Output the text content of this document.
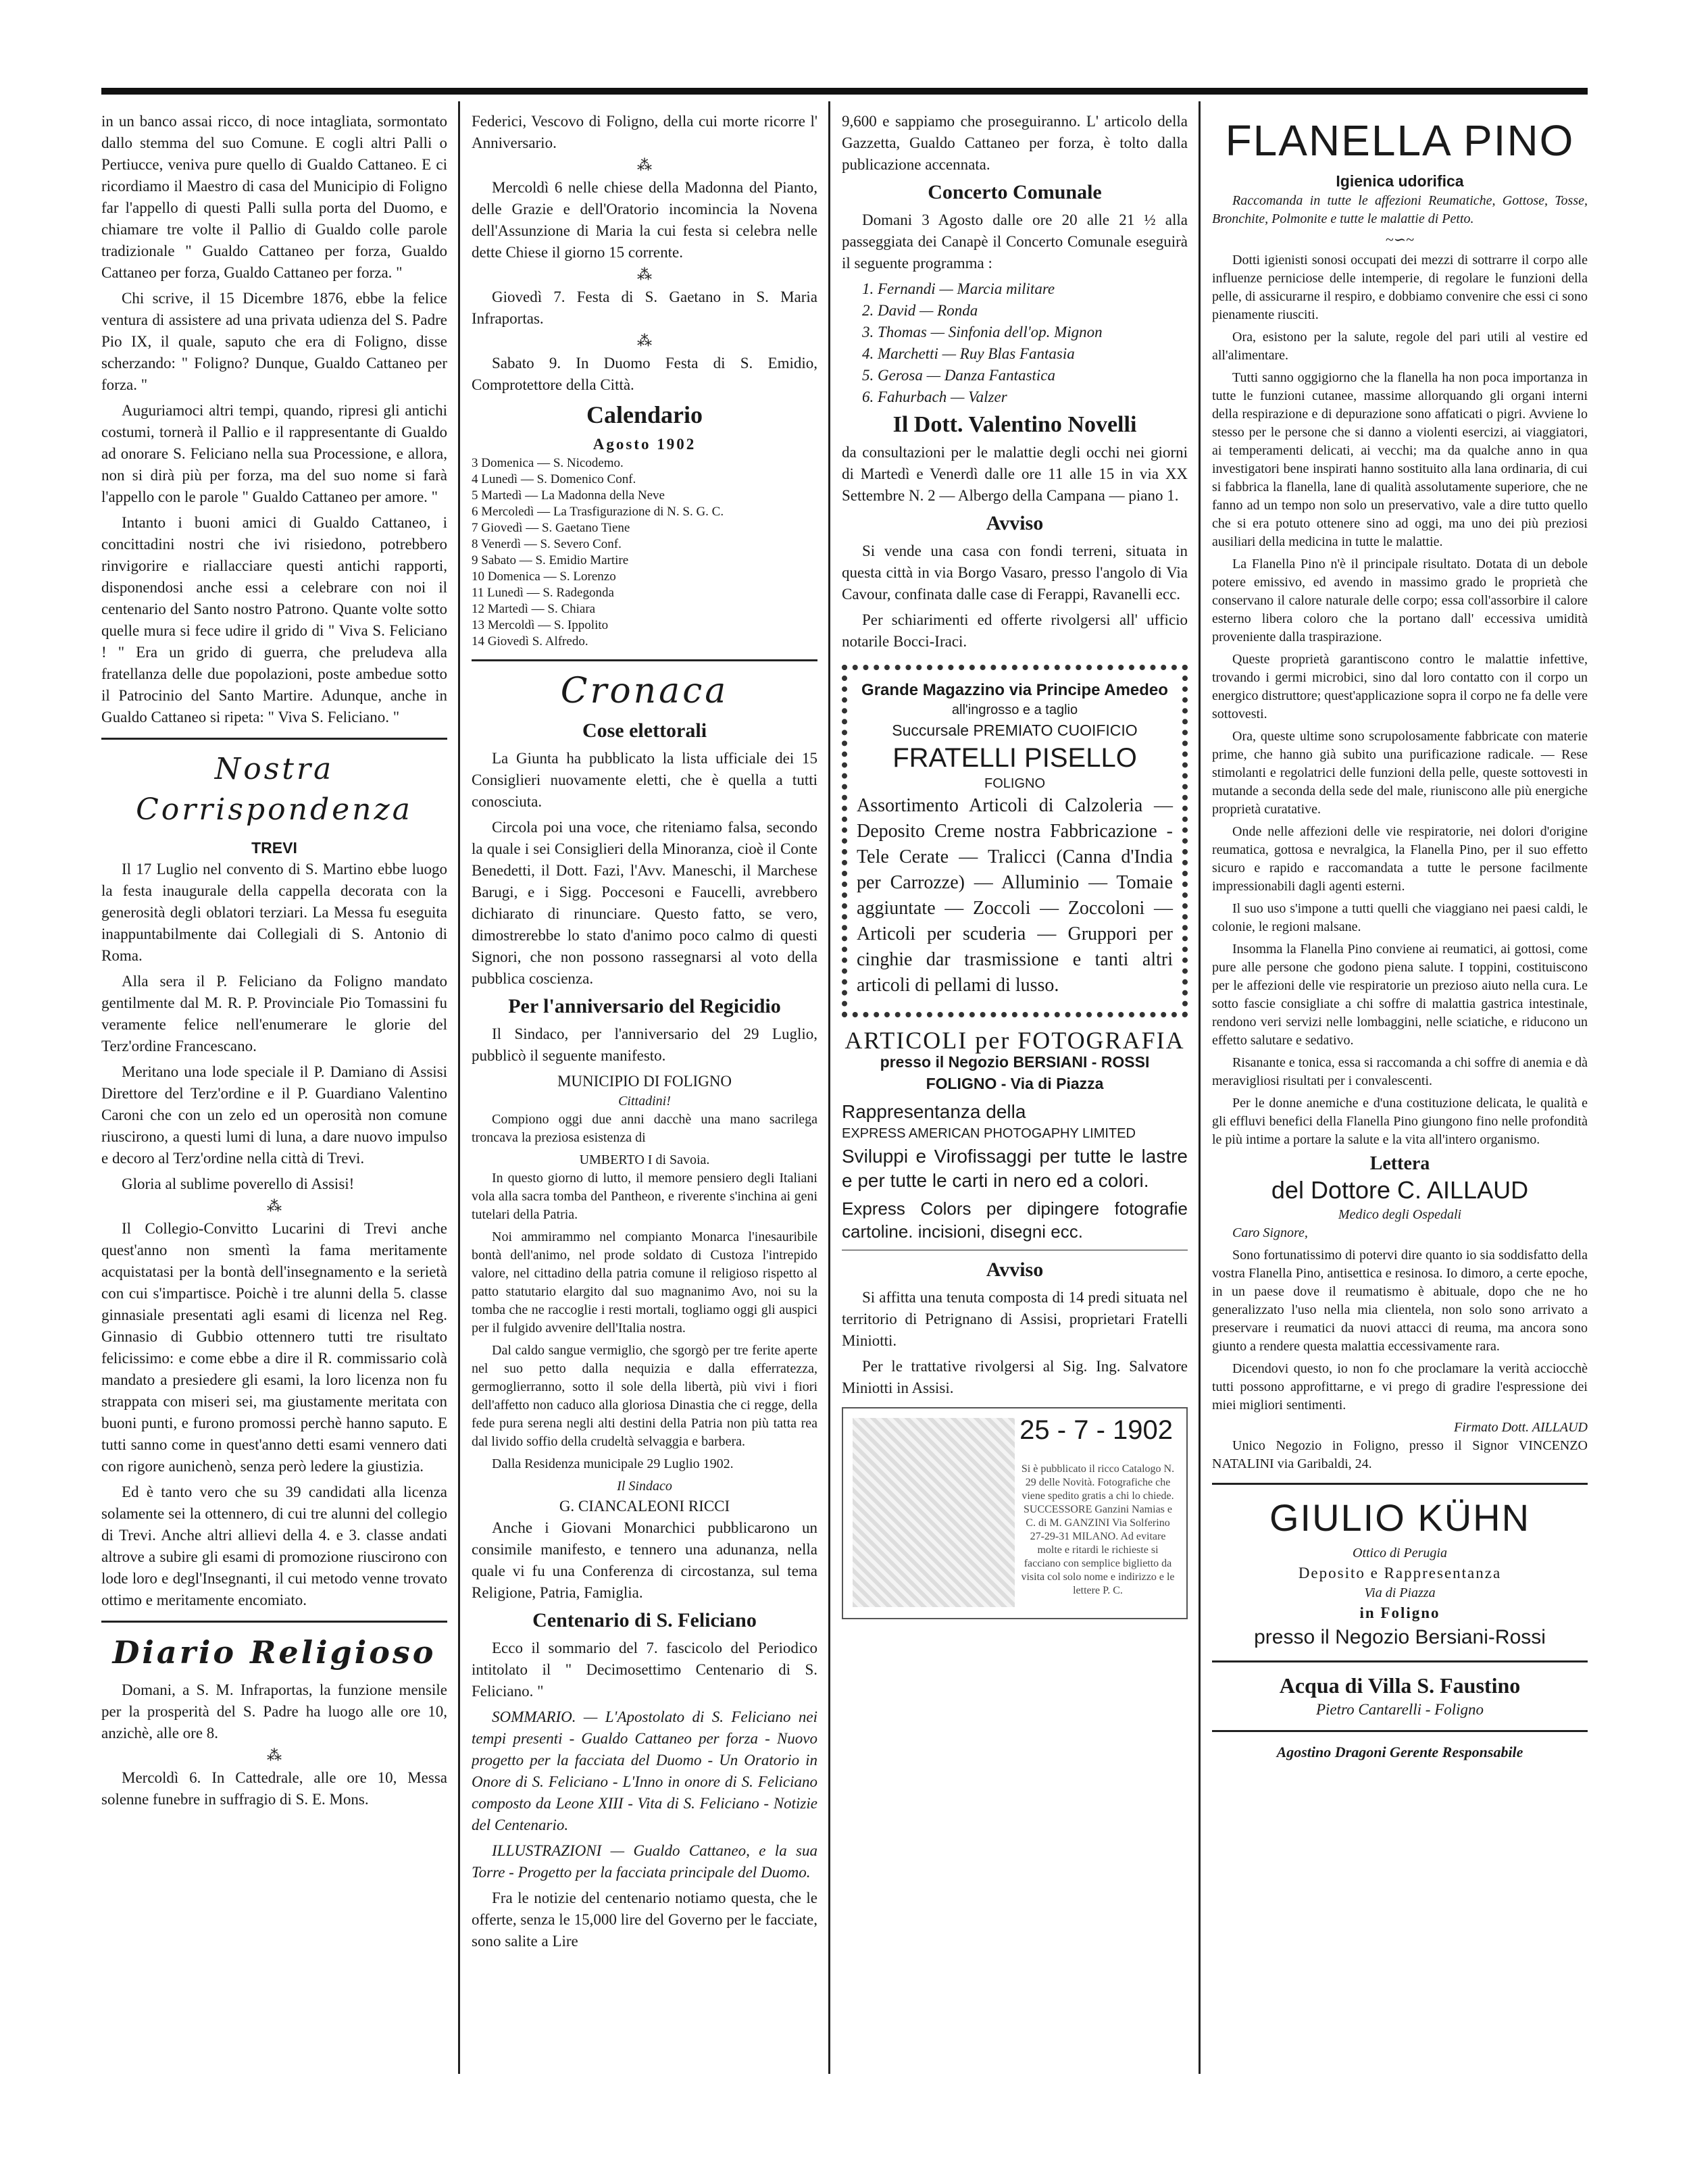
in un banco assai ricco, di noce intagliata, sormontato dallo stemma del suo Comune. E cogli altri Palli o Pertiucce, veniva pure quello di Gualdo Cattaneo. E ci ricordiamo il Maestro di casa del Municipio di Foligno far l'appello di questi Palli sulla porta del Duomo, e chiamare tre volte il Pallio di Gualdo colle parole tradizionale " Gualdo Cattaneo per forza, Gualdo Cattaneo per forza, Gualdo Cattaneo per forza. "

Chi scrive, il 15 Dicembre 1876, ebbe la felice ventura di assistere ad una privata udienza del S. Padre Pio IX, il quale, saputo che era di Foligno, disse scherzando: " Foligno? Dunque, Gualdo Cattaneo per forza. "

Auguriamoci altri tempi, quando, ripresi gli antichi costumi, tornerà il Pallio e il rappresentante di Gualdo ad onorare S. Feliciano nella sua Processione, e allora, non si dirà più per forza, ma del suo nome si farà l'appello con le parole " Gualdo Cattaneo per amore. "

Intanto i buoni amici di Gualdo Cattaneo, i concittadini nostri che ivi risiedono, potrebbero rinvigorire e riallacciare questi antichi rapporti, disponendosi anche essi a celebrare con noi il centenario del Santo nostro Patrono. Quante volte sotto quelle mura si fece udire il grido di " Viva S. Feliciano ! " Era un grido di guerra, che preludeva alla fratellanza delle due popolazioni, poste ambedue sotto il Patrocinio del Santo Martire. Adunque, anche in Gualdo Cattaneo si ripeta: " Viva S. Feliciano. "

Nostra Corrispondenza
TREVI

Il 17 Luglio nel convento di S. Martino ebbe luogo la festa inaugurale della cappella decorata con la generosità degli oblatori terziari. La Messa fu eseguita inappuntabilmente dai Collegiali di S. Antonio di Roma.

Alla sera il P. Feliciano da Foligno mandato gentilmente dal M. R. P. Provinciale Pio Tomassini fu veramente felice nell'enumerare le glorie del Terz'ordine Francescano.

Meritano una lode speciale il P. Damiano di Assisi Direttore del Terz'ordine e il P. Guardiano Valentino Caroni che con un zelo ed un operosità non comune riuscirono, a questi lumi di luna, a dare nuovo impulso e decoro al Terz'ordine nella città di Trevi.

Gloria al sublime poverello di Assisi!

⁂

Il Collegio-Convitto Lucarini di Trevi anche quest'anno non smentì la fama meritamente acquistatasi per la bontà dell'insegnamento e la serietà con cui s'impartisce. Poichè i tre alunni della 5. classe ginnasiale presentati agli esami di licenza nel Reg. Ginnasio di Gubbio ottennero tutti tre risultato felicissimo: e come ebbe a dire il R. commissario colà mandato a presiedere gli esami, la loro licenza non fu strappata con miseri sei, ma giustamente meritata con buoni punti, e furono promossi perchè hanno saputo. E tutti sanno come in quest'anno detti esami vennero dati con rigore aunichenò, senza però ledere la giustizia.

Ed è tanto vero che su 39 candidati alla licenza solamente sei la ottennero, di cui tre alunni del collegio di Trevi. Anche altri allievi della 4. e 3. classe andati altrove a subire gli esami di promozione riuscirono con lode loro e degl'Insegnanti, il cui metodo venne trovato ottimo e meritamente encomiato.

Diario Religioso

Domani, a S. M. Infraportas, la funzione mensile per la prosperità del S. Padre ha luogo alle ore 10, anzichè, alle ore 8.

⁂

Mercoldì 6. In Cattedrale, alle ore 10, Messa solenne funebre in suffragio di S. E. Mons.

Federici, Vescovo di Foligno, della cui morte ricorre l' Anniversario.

⁂

Mercoldì 6 nelle chiese della Madonna del Pianto, delle Grazie e dell'Oratorio incomincia la Novena dell'Assunzione di Maria la cui festa si celebra nelle dette Chiese il giorno 15 corrente.

⁂

Giovedì 7. Festa di S. Gaetano in S. Maria Infraportas.

⁂

Sabato 9. In Duomo Festa di S. Emidio, Comprotettore della Città.

Calendario
Agosto 1902
3 Domenica — S. Nicodemo.
4 Lunedì — S. Domenico Conf.
5 Martedì — La Madonna della Neve
6 Mercoledì — La Trasfigurazione di N. S. G. C.
7 Giovedì — S. Gaetano Tiene
8 Venerdì — S. Severo Conf.
9 Sabato — S. Emidio Martire
10 Domenica — S. Lorenzo
11 Lunedì — S. Radegonda
12 Martedì — S. Chiara
13 Mercoldì — S. Ippolito
14 Giovedì S. Alfredo.
Cronaca
Cose elettorali

La Giunta ha pubblicato la lista ufficiale dei 15 Consiglieri nuovamente eletti, che è quella a tutti conosciuta.

Circola poi una voce, che riteniamo falsa, secondo la quale i sei Consiglieri della Minoranza, cioè il Conte Benedetti, il Dott. Fazi, l'Avv. Maneschi, il Marchese Barugi, e i Sigg. Poccesoni e Faucelli, avrebbero dichiarato di rinunciare. Questo fatto, se vero, dimostrerebbe lo stato d'animo poco calmo di questi Signori, che non possono rassegnarsi al voto della pubblica coscienza.

Per l'anniversario del Regicidio

Il Sindaco, per l'anniversario del 29 Luglio, pubblicò il seguente manifesto.

MUNICIPIO DI FOLIGNO
Cittadini!

Compiono oggi due anni dacchè una mano sacrilega troncava la preziosa esistenza di

UMBERTO I di Savoia.

In questo giorno di lutto, il memore pensiero degli Italiani vola alla sacra tomba del Pantheon, e riverente s'inchina ai geni tutelari della Patria.

Noi ammirammo nel compianto Monarca l'inesauribile bontà dell'animo, nel prode soldato di Custoza l'intrepido valore, nel cittadino della patria comune il religioso rispetto al patto statutario elargito dal suo magnanimo Avo, noi su la tomba che ne raccoglie i resti mortali, togliamo oggi gli auspici per il fulgido avvenire dell'Italia nostra.

Dal caldo sangue vermiglio, che sgorgò per tre ferite aperte nel suo petto dalla nequizia e dalla efferratezza, germoglierranno, sotto il sole della libertà, più vivi i fiori dell'affetto non caduco alla gloriosa Dinastia che ci regge, della fede pura serena negli alti destini della Patria non più tatta rea dal livido soffio della crudeltà selvaggia e barbera.

Dalla Residenza municipale 29 Luglio 1902.

Il Sindaco
G. CIANCALEONI RICCI

Anche i Giovani Monarchici pubblicarono un consimile manifesto, e tennero una adunanza, nella quale vi fu una Conferenza di circostanza, sul tema Religione, Patria, Famiglia.

Centenario di S. Feliciano

Ecco il sommario del 7. fascicolo del Periodico intitolato il " Decimosettimo Centenario di S. Feliciano. "

SOMMARIO. — L'Apostolato di S. Feliciano nei tempi presenti - Gualdo Cattaneo per forza - Nuovo progetto per la facciata del Duomo - Un Oratorio in Onore di S. Feliciano - L'Inno in onore di S. Feliciano composto da Leone XIII - Vita di S. Feliciano - Notizie del Centenario.

ILLUSTRAZIONI — Gualdo Cattaneo, e la sua Torre - Progetto per la facciata principale del Duomo.

Fra le notizie del centenario notiamo questa, che le offerte, senza le 15,000 lire del Governo per le facciate, sono salite a Lire

9,600 e sappiamo che proseguiranno. L' articolo della Gazzetta, Gualdo Cattaneo per forza, è tolto dalla publicazione accennata.

Concerto Comunale

Domani 3 Agosto dalle ore 20 alle 21 ½ alla passeggiata dei Canapè il Concerto Comunale eseguirà il seguente programma :

1. Fernandi — Marcia militare
2. David — Ronda
3. Thomas — Sinfonia dell'op. Mignon
4. Marchetti — Ruy Blas Fantasia
5. Gerosa — Danza Fantastica
6. Fahurbach — Valzer
Il Dott. Valentino Novelli

da consultazioni per le malattie degli occhi nei giorni di Martedì e Venerdì dalle ore 11 alle 15 in via XX Settembre N. 2 — Albergo della Campana — piano 1.

Avviso

Si vende una casa con fondi terreni, situata in questa città in via Borgo Vasaro, presso l'angolo di Via Cavour, confinata dalle case di Ferappi, Ravanelli ecc.

Per schiarimenti ed offerte rivolgersi all' ufficio notarile Bocci-Iraci.

Grande Magazzino via Principe Amedeo
all'ingrosso e a taglio
Succursale PREMIATO CUOIFICIO
FRATELLI PISELLO
FOLIGNO

Assortimento Articoli di Calzoleria — Deposito Creme nostra Fabbricazione - Tele Cerate — Tralicci (Canna d'India per Carrozze) — Alluminio — Tomaie aggiuntate — Zoccoli — Zoccoloni — Articoli per scuderia — Gruppori per cinghie dar trasmissione e tanti altri articoli di pellami di lusso.

ARTICOLI per FOTOGRAFIA
presso il Negozio BERSIANI - ROSSI
FOLIGNO - Via di Piazza
Rappresentanza della
EXPRESS AMERICAN PHOTOGAPHY LIMITED

Sviluppi e Virofissaggi per tutte le lastre e per tutte le carti in nero ed a colori.

Express Colors per dipingere fotografie cartoline. incisioni, disegni ecc.

Avviso

Si affitta una tenuta composta di 14 predi situata nel territorio di Petrignano di Assisi, proprietari Fratelli Miniotti.

Per le trattative rivolgersi al Sig. Ing. Salvatore Miniotti in Assisi.

25 - 7 - 1902
Si è pubblicato il ricco Catalogo N. 29 delle Novità. Fotografiche che viene spedito gratis a chi lo chiede. SUCCESSORE Ganzini Namias e C. di M. GANZINI Via Solferino 27-29-31 MILANO. Ad evitare molte e ritardi le richieste si facciano con semplice biglietto da visita col solo nome e indirizzo e le lettere P. C.
FLANELLA PINO
Igienica udorifica

Raccomanda in tutte le affezioni Reumatiche, Gottose, Tosse, Bronchite, Polmonite e tutte le malattie di Petto.

~∽~

Dotti igienisti sonosi occupati dei mezzi di sottrarre il corpo alle influenze perniciose delle intemperie, di regolare le funzioni della pelle, di assicurarne il respiro, e dobbiamo convenire che essi ci sono pienamente riusciti.

Ora, esistono per la salute, regole del pari utili al vestire ed all'alimentare.

Tutti sanno oggigiorno che la flanella ha non poca importanza in tutte le funzioni cutanee, massime allorquando gli organi interni della respirazione e di depurazione sono affaticati o pigri. Avviene lo stesso per le persone che si danno a violenti esercizi, ai viaggiatori, ai temperamenti delicati, ai vecchi; ma da qualche anno in qua investigatori bene inspirati hanno sostituito alla lana ordinaria, di cui si fabbrica la flanella, lane di qualità assolutamente superiore, che ne fanno ad un tempo non solo un preservativo, vale a dire tutto quello che si era potuto ottenere sino ad oggi, ma uno dei più preziosi ausiliari della medicina in tutte le malattie.

La Flanella Pino n'è il principale risultato. Dotata di un debole potere emissivo, ed avendo in massimo grado le proprietà che conservano il calore naturale delle corpo; essa coll'assorbire il calore esterno libera coloro che la portano dall' eccessiva umidità proveniente dalla traspirazione.

Queste proprietà garantiscono contro le malattie infettive, trovando i germi microbici, sino dal loro contatto con il corpo un energico distruttore; quest'applicazione sopra il corpo ne fa delle vere sottovesti.

Ora, queste ultime sono scrupolosamente fabbricate con materie prime, che hanno già subito una purificazione radicale. — Rese stimolanti e regolatrici delle funzioni della pelle, queste sottovesti in mutande a seconda della sede del male, riuniscono alle più energiche proprietà curatative.

Onde nelle affezioni delle vie respiratorie, nei dolori d'origine reumatica, gottosa e nevralgica, la Flanella Pino, per il suo effetto sicuro e rapido e raccomandata a tutte le persone facilmente impressionabili dagli agenti esterni.

Il suo uso s'impone a tutti quelli che viaggiano nei paesi caldi, le colonie, le regioni malsane.

Insomma la Flanella Pino conviene ai reumatici, ai gottosi, come pure alle persone che godono piena salute. I toppini, costituiscono per le affezioni delle vie respiratorie un prezioso aiuto nella cura. Le sotto fascie consigliate a chi soffre di malattia gastrica intestinale, rendono veri servizi nelle lombaggini, nelle sciatiche, e riducono un effetto salutare e sedativo.

Risanante e tonica, essa si raccomanda a chi soffre di anemia e dà meravigliosi risultati per i convalescenti.

Per le donne anemiche e d'una costituzione delicata, le qualità e gli effluvi benefici della Flanella Pino giungono fino nelle profondità le più intime a portare la salute e la vita all'intero organismo.

Lettera
del Dottore C. AILLAUD
Medico degli Ospedali

Caro Signore,

Sono fortunatissimo di potervi dire quanto io sia soddisfatto della vostra Flanella Pino, antisettica e resinosa. Io dimoro, a certe epoche, in un paese dove il reumatismo è abituale, dopo che ne ho generalizzato l'uso nella mia clientela, non solo sono arrivato a preservare i reumatici da nuovi attacci di reuma, ma ancora sono giunto a rendere questa malattia eccessivamente rara.

Dicendovi questo, io non fo che proclamare la verità acciocchè tutti possono approfittarne, e vi prego di gradire l'espressione dei miei migliori sentimenti.

Firmato Dott. AILLAUD

Unico Negozio in Foligno, presso il Signor VINCENZO NATALINI via Garibaldi, 24.

GIULIO KÜHN
Ottico di Perugia
Deposito e Rappresentanza
Via di Piazza
in Foligno
presso il Negozio Bersiani-Rossi
Acqua di Villa S. Faustino
Pietro Cantarelli - Foligno
Agostino Dragoni Gerente Responsabile
